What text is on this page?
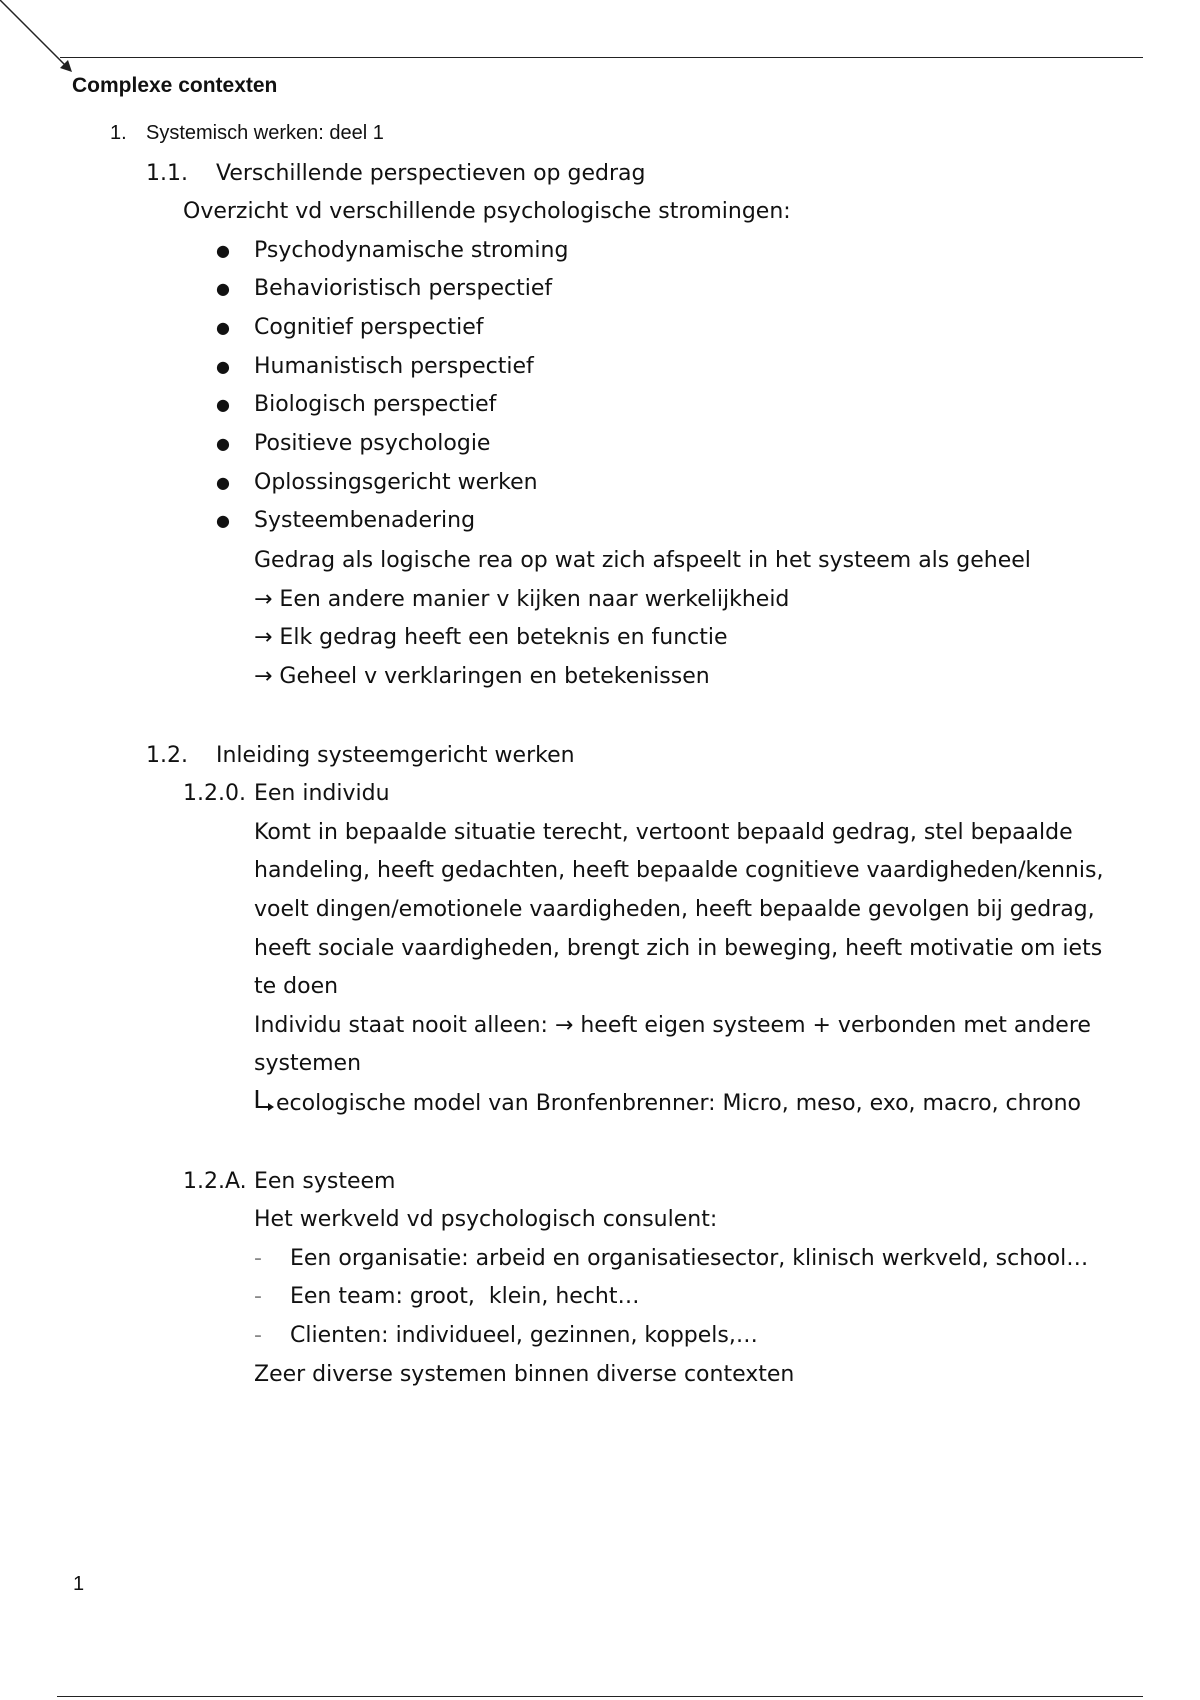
Complexe contexten
1. Systemisch werken: deel 1
1.1. Verschillende perspectieven op gedrag
Overzicht vd verschillende psychologische stromingen:
● Psychodynamische stroming
● Behavioristisch perspectief
● Cognitief perspectief
● Humanistisch perspectief
● Biologisch perspectief
● Positieve psychologie
● Oplossingsgericht werken
● Systeembenadering
Gedrag als logische rea op wat zich afspeelt in het systeem als geheel
→ Een andere manier v kijken naar werkelijkheid
→ Elk gedrag heeft een beteknis en functie
→ Geheel v verklaringen en betekenissen
1.2. Inleiding systeemgericht werken
1.2.0. Een individu
Komt in bepaalde situatie terecht, vertoont bepaald gedrag, stel bepaalde
handeling, heeft gedachten, heeft bepaalde cognitieve vaardigheden/kennis,
voelt dingen/emotionele vaardigheden, heeft bepaalde gevolgen bij gedrag,
heeft sociale vaardigheden, brengt zich in beweging, heeft motivatie om iets
te doen
Individu staat nooit alleen: → heeft eigen systeem + verbonden met andere
systemen
ecologische model van Bronfenbrenner: Micro, meso, exo, macro, chrono
1.2.A. Een systeem
Het werkveld vd psychologisch consulent:
- Een organisatie: arbeid en organisatiesector, klinisch werkveld, school…
- Een team: groot,  klein, hecht…
- Clienten: individueel, gezinnen, koppels,…
Zeer diverse systemen binnen diverse contexten
1
